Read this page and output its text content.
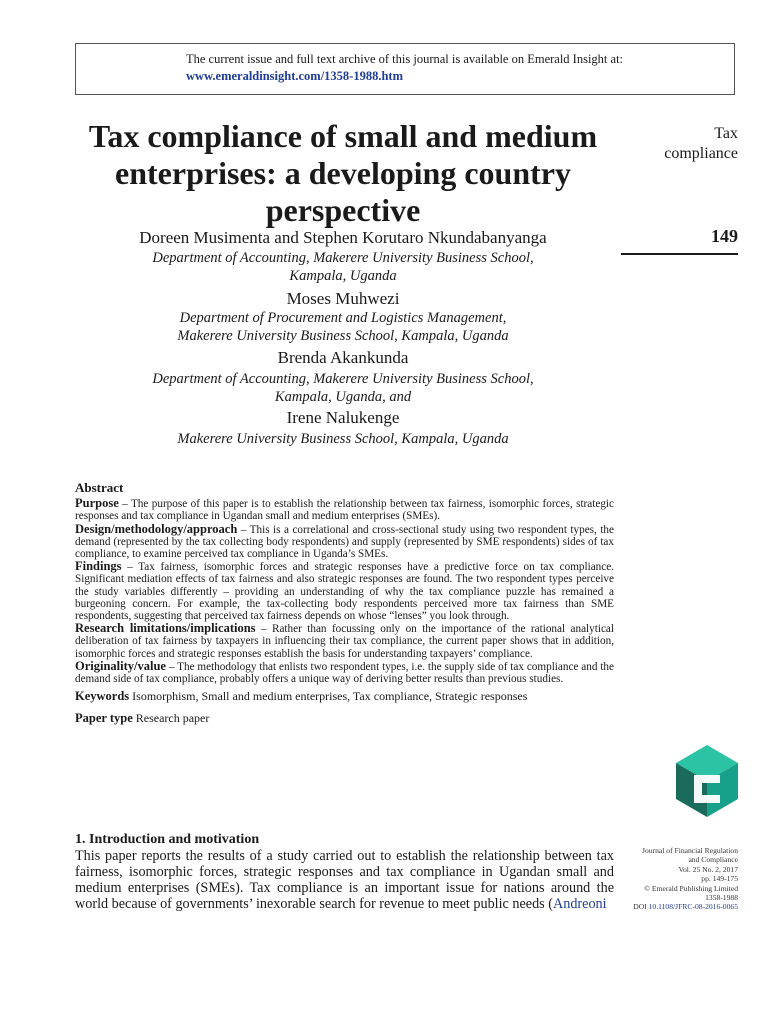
The current issue and full text archive of this journal is available on Emerald Insight at:
www.emeraldinsight.com/1358-1988.htm
Tax compliance of small and medium enterprises: a developing country perspective
Tax
compliance
149
Doreen Musimenta and Stephen Korutaro Nkundabanyanga
Department of Accounting, Makerere University Business School,
Kampala, Uganda
Moses Muhwezi
Department of Procurement and Logistics Management,
Makerere University Business School, Kampala, Uganda
Brenda Akankunda
Department of Accounting, Makerere University Business School,
Kampala, Uganda, and
Irene Nalukenge
Makerere University Business School, Kampala, Uganda
Abstract

Purpose – The purpose of this paper is to establish the relationship between tax fairness, isomorphic forces, strategic responses and tax compliance in Ugandan small and medium enterprises (SMEs).

Design/methodology/approach – This is a correlational and cross-sectional study using two respondent types, the demand (represented by the tax collecting body respondents) and supply (represented by SME respondents) sides of tax compliance, to examine perceived tax compliance in Uganda’s SMEs.

Findings – Tax fairness, isomorphic forces and strategic responses have a predictive force on tax compliance. Significant mediation effects of tax fairness and also strategic responses are found. The two respondent types perceive the study variables differently – providing an understanding of why the tax compliance puzzle has remained a burgeoning concern. For example, the tax-collecting body respondents perceived more tax fairness than SME respondents, suggesting that perceived tax fairness depends on whose “lenses” you look through.

Research limitations/implications – Rather than focussing only on the importance of the rational analytical deliberation of tax fairness by taxpayers in influencing their tax compliance, the current paper shows that in addition, isomorphic forces and strategic responses establish the basis for understanding taxpayers’ compliance.

Originality/value – The methodology that enlists two respondent types, i.e. the supply side of tax compliance and the demand side of tax compliance, probably offers a unique way of deriving better results than previous studies.

Keywords Isomorphism, Small and medium enterprises, Tax compliance, Strategic responses

Paper type Research paper

1. Introduction and motivation

This paper reports the results of a study carried out to establish the relationship between tax fairness, isomorphic forces, strategic responses and tax compliance in Ugandan small and medium enterprises (SMEs). Tax compliance is an important issue for nations around the world because of governments’ inexorable search for revenue to meet public needs (Andreoni

Journal of Financial Regulation
and Compliance
Vol. 25 No. 2, 2017
pp. 149-175
© Emerald Publishing Limited
1358-1988
DOI 10.1108/JFRC-08-2016-0065
